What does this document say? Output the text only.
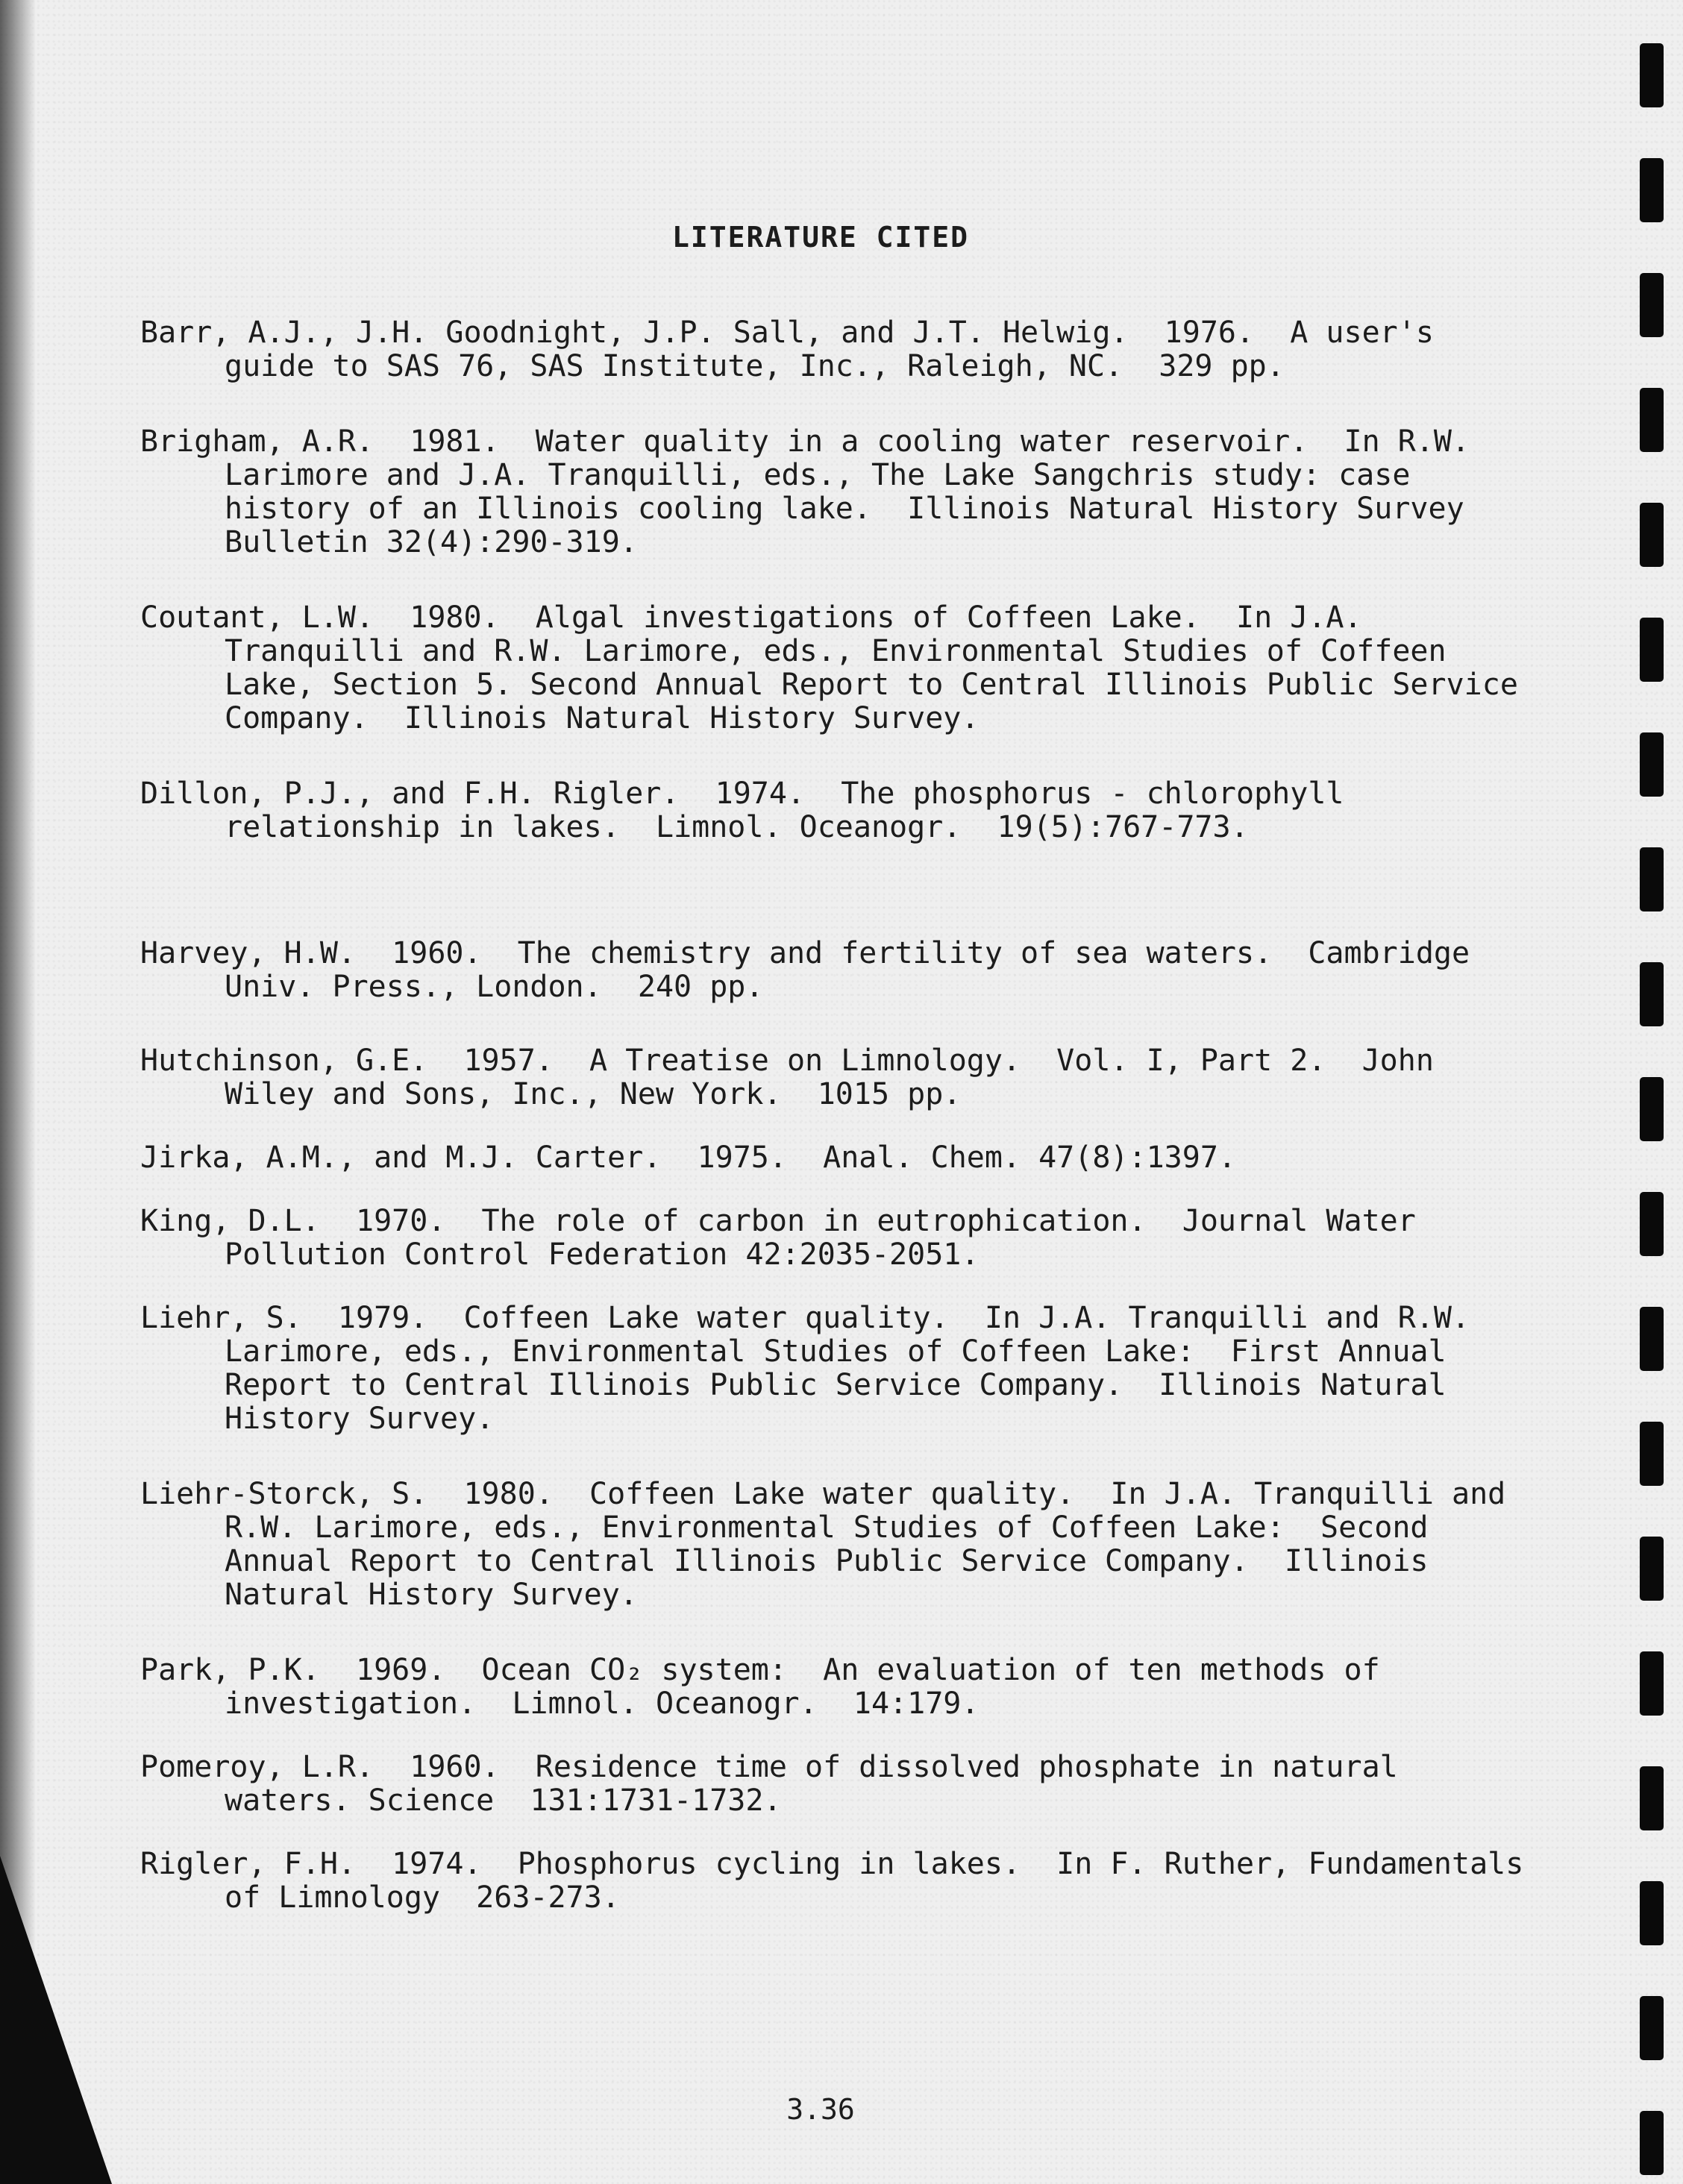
LITERATURE CITED

Barr, A.J., J.H. Goodnight, J.P. Sall, and J.T. Helwig.  1976.  A user's guide to SAS 76, SAS Institute, Inc., Raleigh, NC.  329 pp.

Brigham, A.R.  1981.  Water quality in a cooling water reservoir.  In R.W. Larimore and J.A. Tranquilli, eds., The Lake Sangchris study: case history of an Illinois cooling lake.  Illinois Natural History Survey Bulletin 32(4):290-319.

Coutant, L.W.  1980.  Algal investigations of Coffeen Lake.  In J.A. Tranquilli and R.W. Larimore, eds., Environmental Studies of Coffeen Lake, Section 5. Second Annual Report to Central Illinois Public Service Company.  Illinois Natural History Survey.

Dillon, P.J., and F.H. Rigler.  1974.  The phosphorus - chlorophyll relationship in lakes.  Limnol. Oceanogr.  19(5):767-773.

Harvey, H.W.  1960.  The chemistry and fertility of sea waters.  Cambridge Univ. Press., London.  240 pp.

Hutchinson, G.E.  1957.  A Treatise on Limnology.  Vol. I, Part 2.  John Wiley and Sons, Inc., New York.  1015 pp.

Jirka, A.M., and M.J. Carter.  1975.  Anal. Chem. 47(8):1397.

King, D.L.  1970.  The role of carbon in eutrophication.  Journal Water Pollution Control Federation 42:2035-2051.

Liehr, S.  1979.  Coffeen Lake water quality.  In J.A. Tranquilli and R.W. Larimore, eds., Environmental Studies of Coffeen Lake:  First Annual Report to Central Illinois Public Service Company.  Illinois Natural History Survey.

Liehr-Storck, S.  1980.  Coffeen Lake water quality.  In J.A. Tranquilli and R.W. Larimore, eds., Environmental Studies of Coffeen Lake:  Second Annual Report to Central Illinois Public Service Company.  Illinois Natural History Survey.

Park, P.K.  1969.  Ocean CO₂ system:  An evaluation of ten methods of investigation.  Limnol. Oceanogr.  14:179.

Pomeroy, L.R.  1960.  Residence time of dissolved phosphate in natural waters. Science  131:1731-1732.

Rigler, F.H.  1974.  Phosphorus cycling in lakes.  In F. Ruther, Fundamentals of Limnology  263-273.

3.36
